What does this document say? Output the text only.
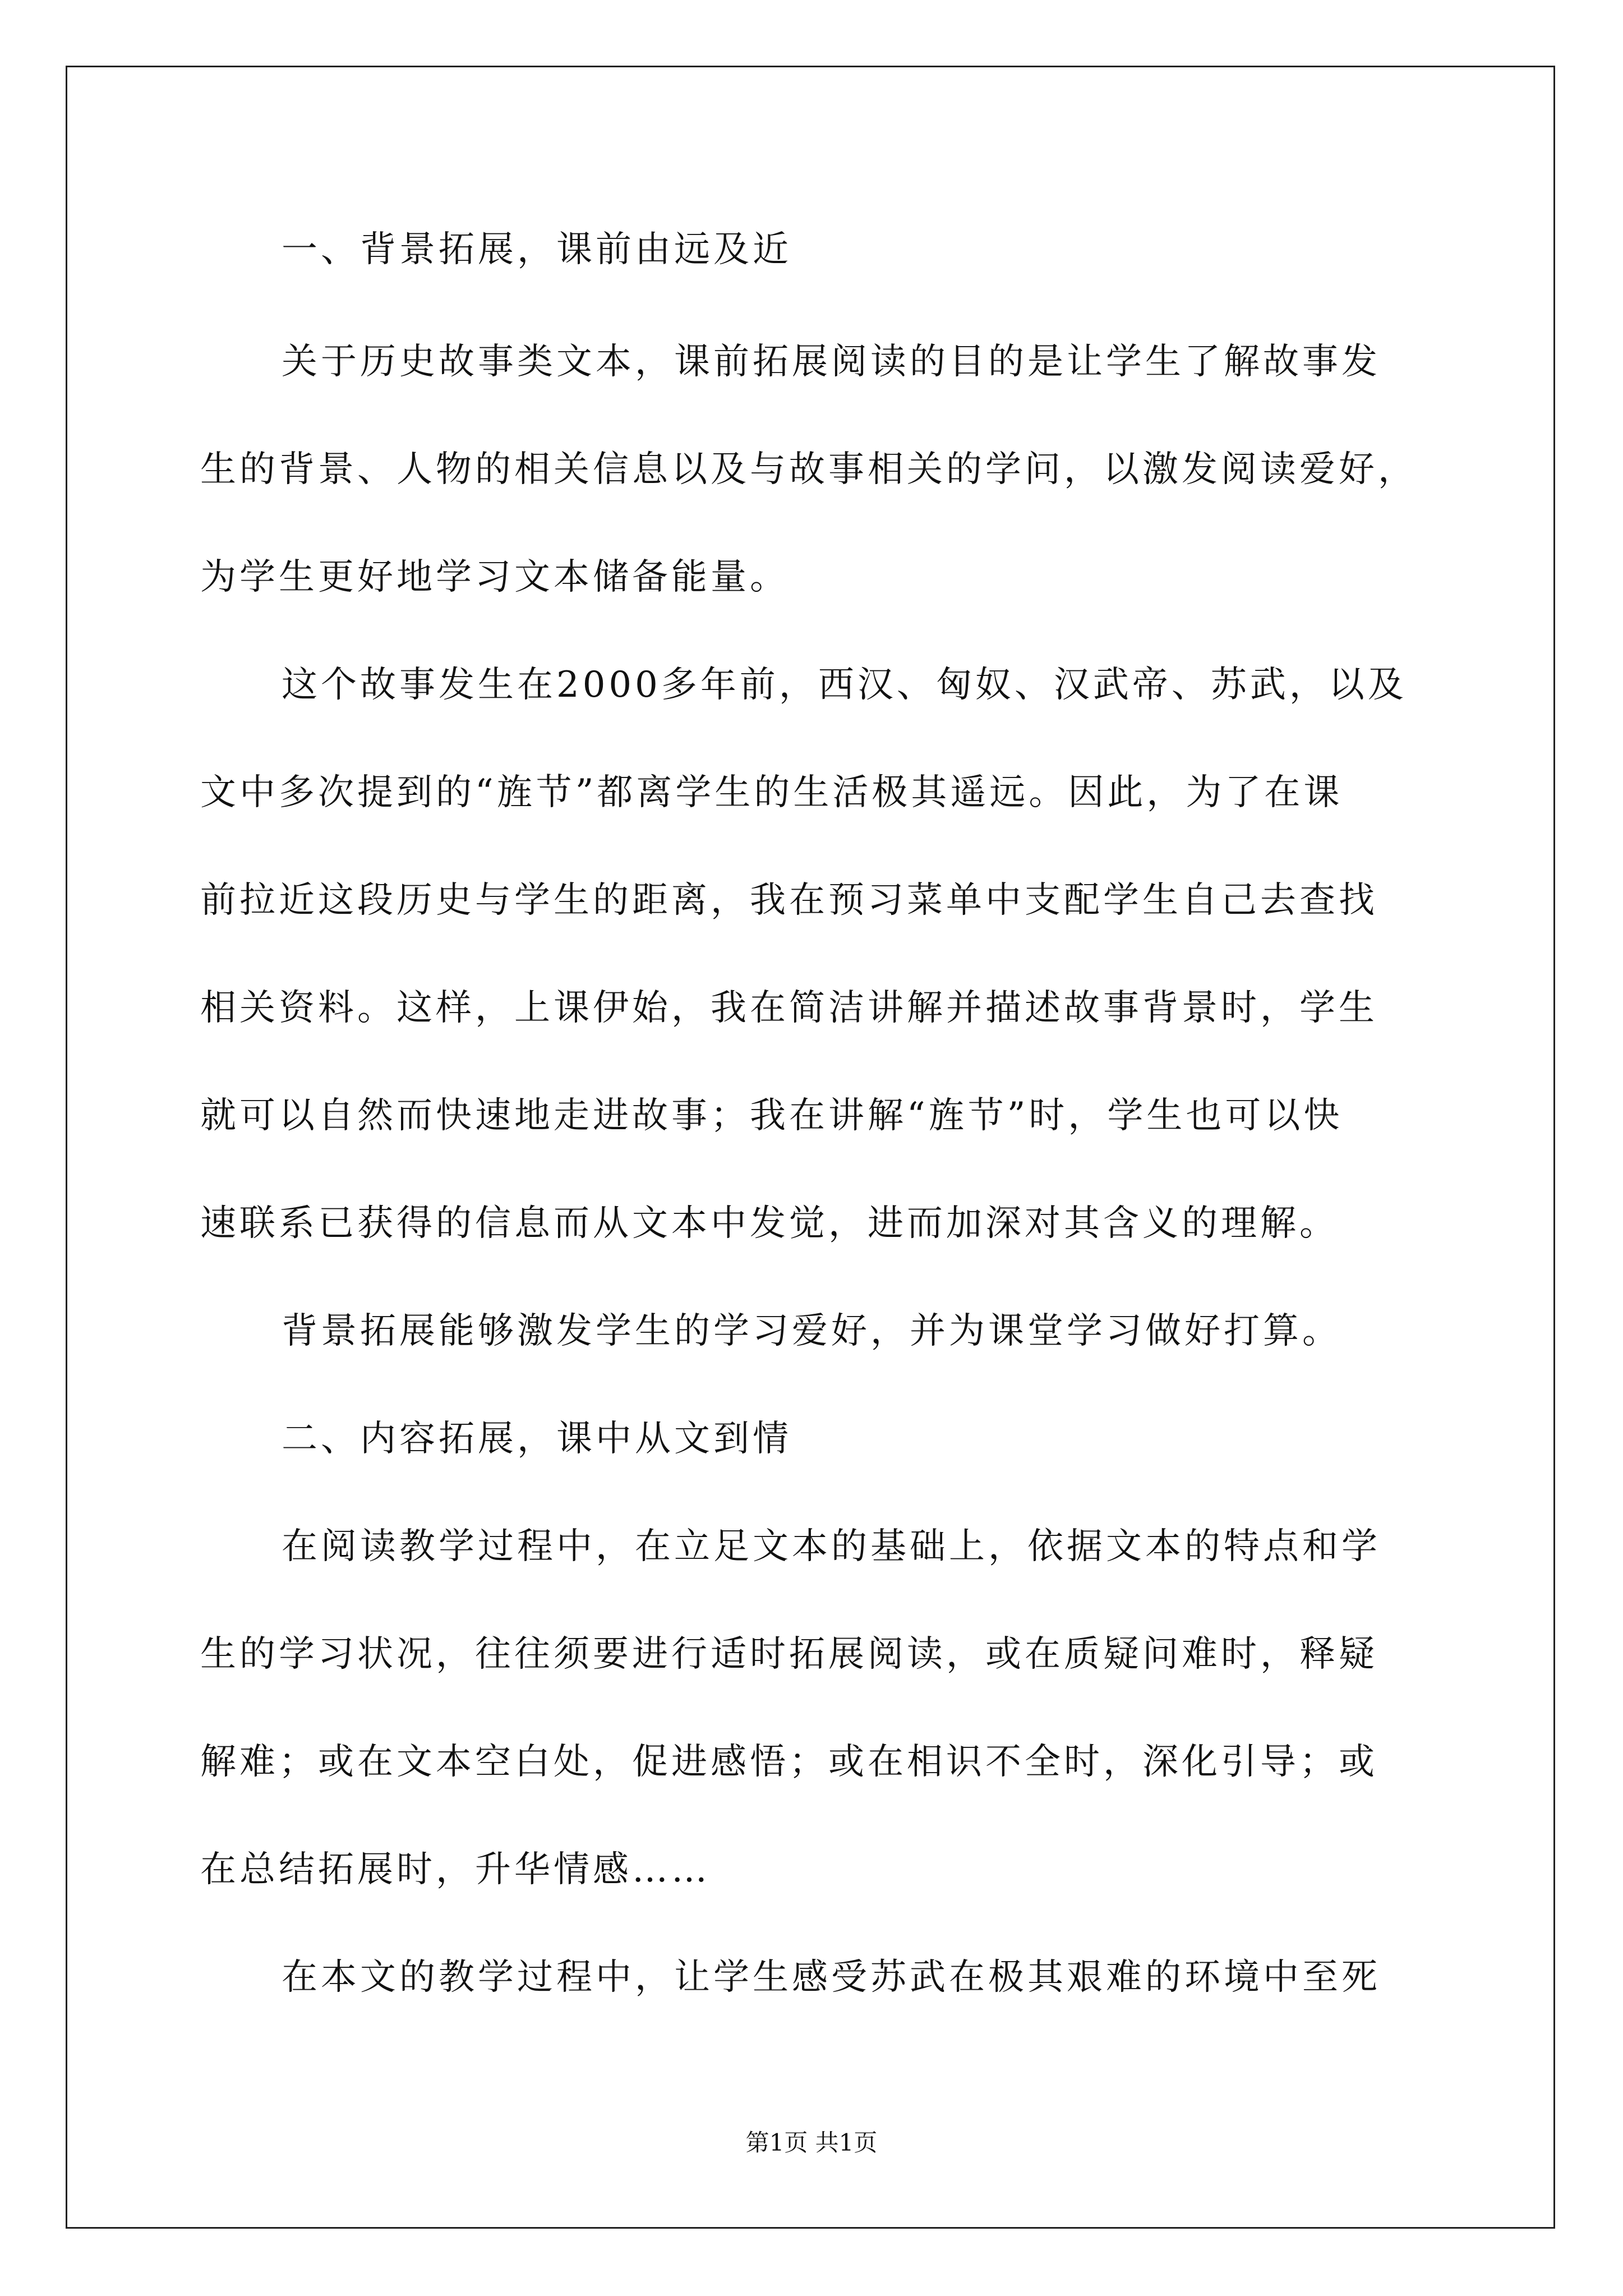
一、背景拓展，课前由远及近
关于历史故事类文本，课前拓展阅读的目的是让学生了解故事发
生的背景、人物的相关信息以及与故事相关的学问，以激发阅读爱好，
为学生更好地学习文本储备能量。
这个故事发生在2000多年前，西汉、匈奴、汉武帝、苏武，以及
文中多次提到的“旌节”都离学生的生活极其遥远。因此，为了在课
前拉近这段历史与学生的距离，我在预习菜单中支配学生自己去查找
相关资料。这样，上课伊始，我在简洁讲解并描述故事背景时，学生
就可以自然而快速地走进故事；我在讲解“旌节”时，学生也可以快
速联系已获得的信息而从文本中发觉，进而加深对其含义的理解。
背景拓展能够激发学生的学习爱好，并为课堂学习做好打算。
二、内容拓展，课中从文到情
在阅读教学过程中，在立足文本的基础上，依据文本的特点和学
生的学习状况，往往须要进行适时拓展阅读，或在质疑问难时，释疑
解难；或在文本空白处，促进感悟；或在相识不全时，深化引导；或
在总结拓展时，升华情感……
在本文的教学过程中，让学生感受苏武在极其艰难的环境中至死
第1页 共1页
